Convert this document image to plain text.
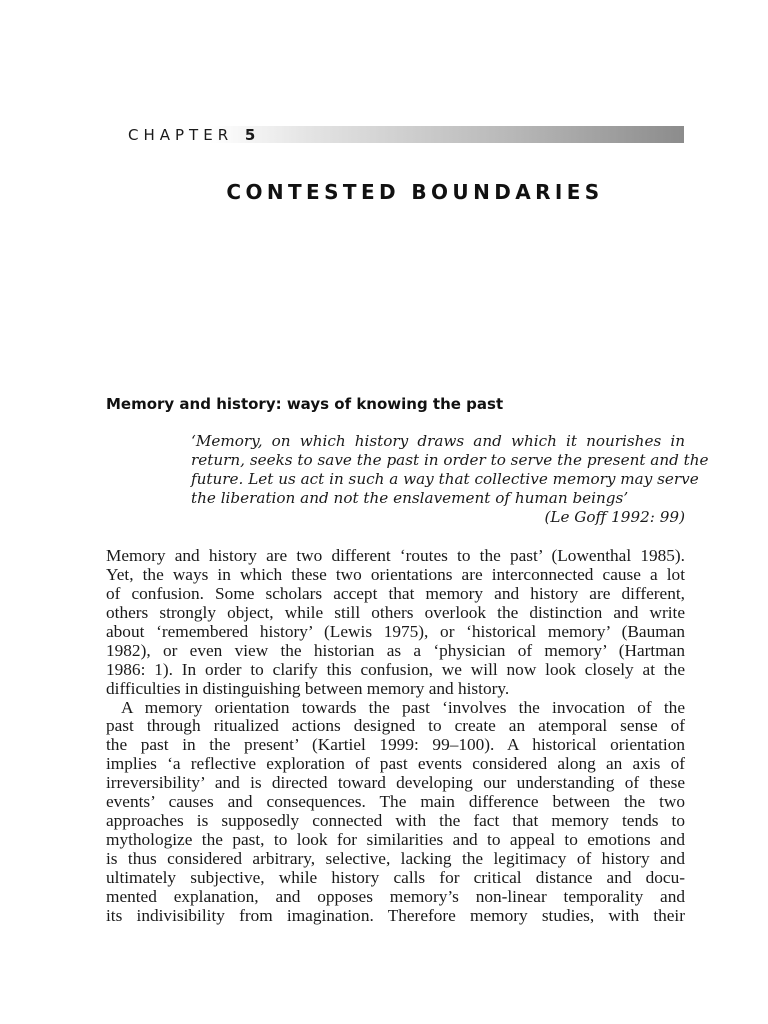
CHAPTER 5
CONTESTED BOUNDARIES
Memory and history: ways of knowing the past
‘Memory, on which history draws and which it nourishes in
return, seeks to save the past in order to serve the present and the
future. Let us act in such a way that collective memory may serve
the liberation and not the enslavement of human beings’
(Le Goff 1992: 99)
Memory and history are two different ‘routes to the past’ (Lowenthal 1985).
Yet, the ways in which these two orientations are interconnected cause a lot
of confusion. Some scholars accept that memory and history are different,
others strongly object, while still others overlook the distinction and write
about ‘remembered history’ (Lewis 1975), or ‘historical memory’ (Bauman
1982), or even view the historian as a ‘physician of memory’ (Hartman
1986: 1). In order to clarify this confusion, we will now look closely at the
difficulties in distinguishing between memory and history.
A memory orientation towards the past ‘involves the invocation of the
past through ritualized actions designed to create an atemporal sense of
the past in the present’ (Kartiel 1999: 99–100). A historical orientation
implies ‘a reflective exploration of past events considered along an axis of
irreversibility’ and is directed toward developing our understanding of these
events’ causes and consequences. The main difference between the two
approaches is supposedly connected with the fact that memory tends to
mythologize the past, to look for similarities and to appeal to emotions and
is thus considered arbitrary, selective, lacking the legitimacy of history and
ultimately subjective, while history calls for critical distance and docu-
mented explanation, and opposes memory’s non-linear temporality and
its indivisibility from imagination. Therefore memory studies, with their
